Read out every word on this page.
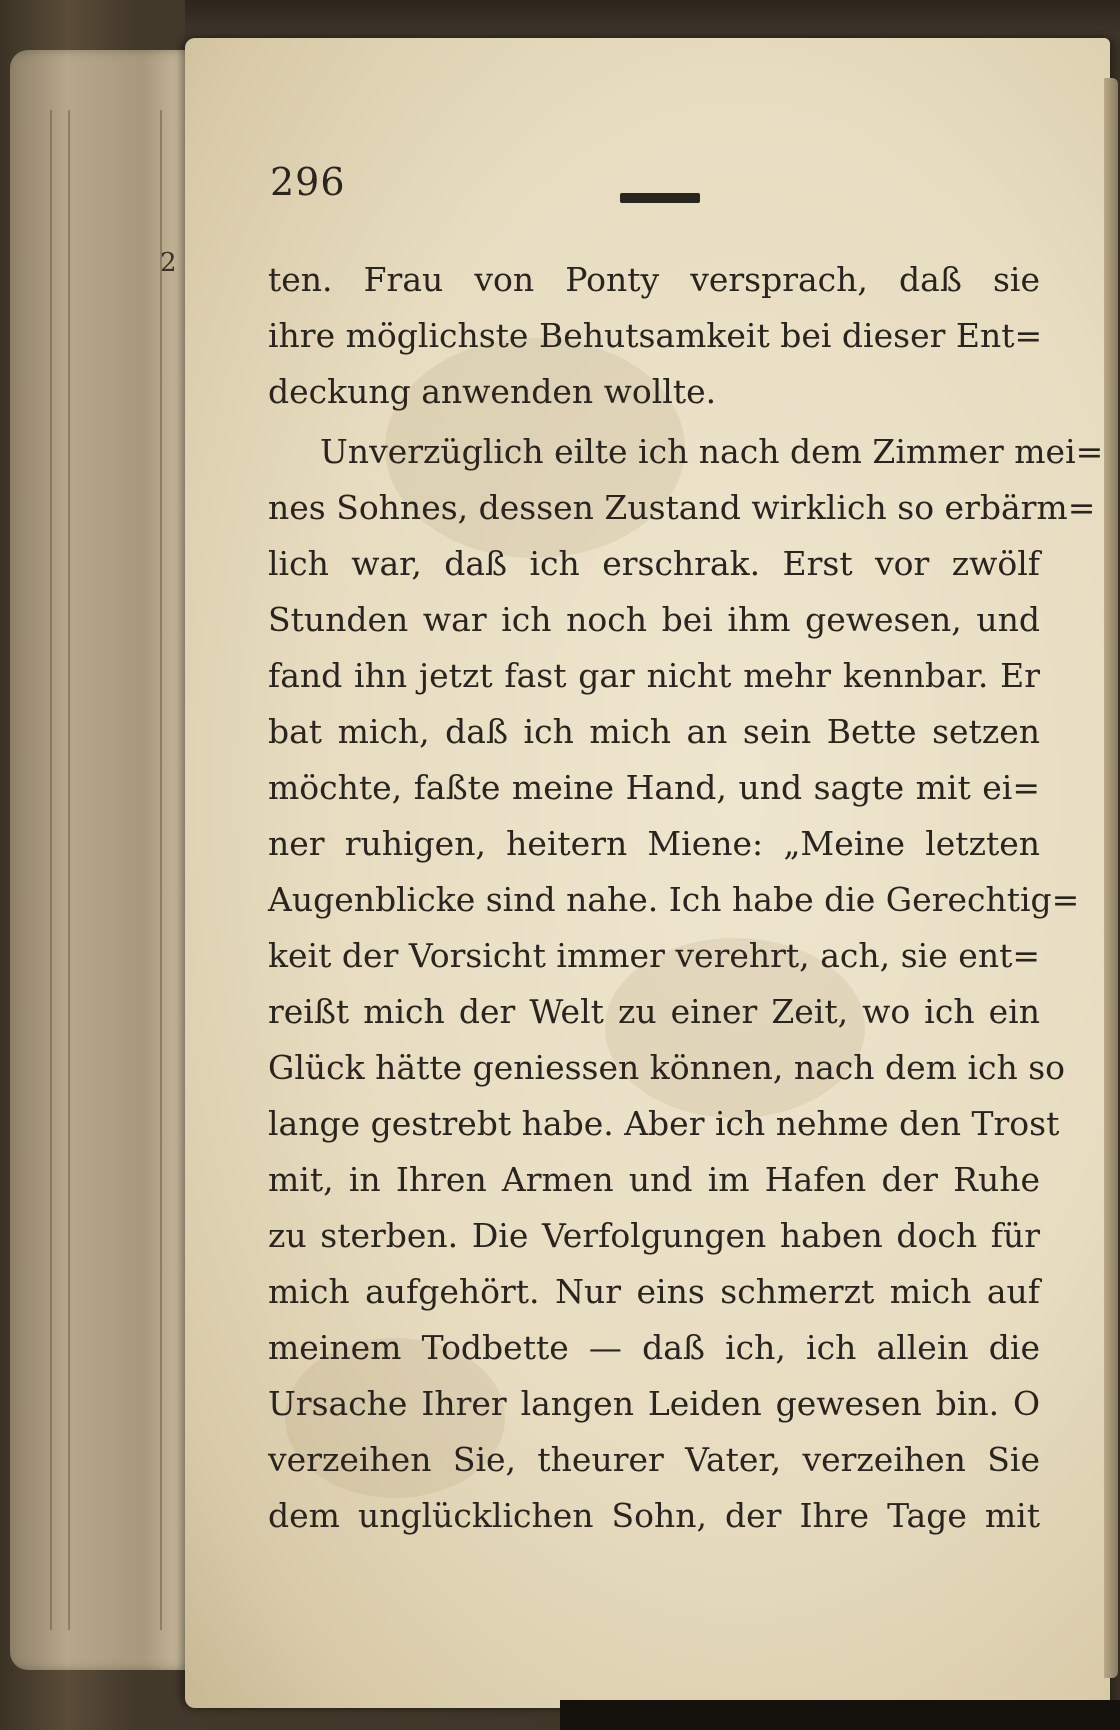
2
296
ten. Frau von Ponty versprach, daß sie
ihre möglichste Behutsamkeit bei dieser Ent=
deckung anwenden wollte.
Unverzüglich eilte ich nach dem Zimmer mei=
nes Sohnes, dessen Zustand wirklich so erbärm=
lich war, daß ich erschrak. Erst vor zwölf
Stunden war ich noch bei ihm gewesen, und
fand ihn jetzt fast gar nicht mehr kennbar. Er
bat mich, daß ich mich an sein Bette setzen
möchte, faßte meine Hand, und sagte mit ei=
ner ruhigen, heitern Miene: „Meine letzten
Augenblicke sind nahe. Ich habe die Gerechtig=
keit der Vorsicht immer verehrt, ach, sie ent=
reißt mich der Welt zu einer Zeit, wo ich ein
Glück hätte geniessen können, nach dem ich so
lange gestrebt habe. Aber ich nehme den Trost
mit, in Ihren Armen und im Hafen der Ruhe
zu sterben. Die Verfolgungen haben doch für
mich aufgehört. Nur eins schmerzt mich auf
meinem Todbette — daß ich, ich allein die
Ursache Ihrer langen Leiden gewesen bin. O
verzeihen Sie, theurer Vater, verzeihen Sie
dem unglücklichen Sohn, der Ihre Tage mit
